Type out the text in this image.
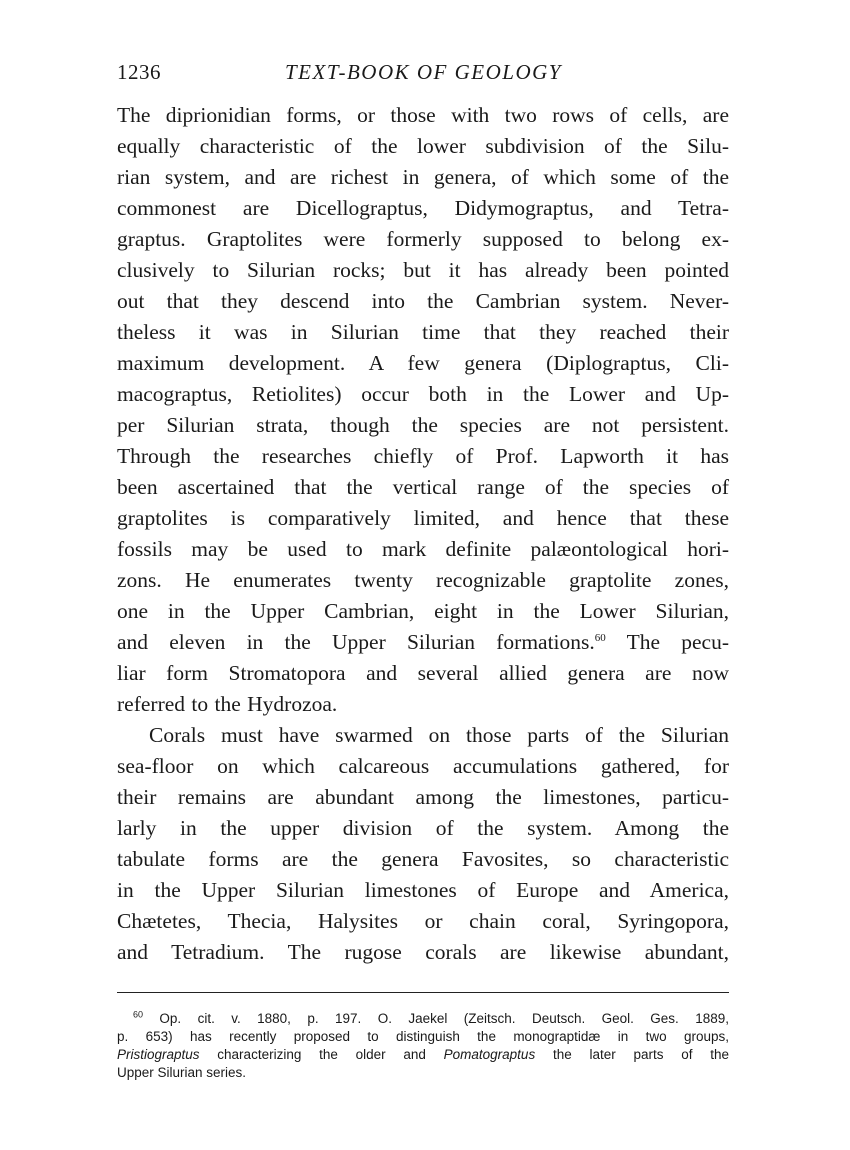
1236	TEXT-BOOK OF GEOLOGY
The diprionidian forms, or those with two rows of cells, are
equally characteristic of the lower subdivision of the Silu-
rian system, and are richest in genera, of which some of the
commonest are Dicellograptus, Didymograptus, and Tetra-
graptus. Graptolites were formerly supposed to belong ex-
clusively to Silurian rocks; but it has already been pointed
out that they descend into the Cambrian system. Never-
theless it was in Silurian time that they reached their
maximum development. A few genera (Diplograptus, Cli-
macograptus, Retiolites) occur both in the Lower and Up-
per Silurian strata, though the species are not persistent.
Through the researches chiefly of Prof. Lapworth it has
been ascertained that the vertical range of the species of
graptolites is comparatively limited, and hence that these
fossils may be used to mark definite palæontological hori-
zons. He enumerates twenty recognizable graptolite zones,
one in the Upper Cambrian, eight in the Lower Silurian,
and eleven in the Upper Silurian formations.$^{60}$ The pecu-
liar form Stromatopora and several allied genera are now
referred to the Hydrozoa.
Corals must have swarmed on those parts of the Silurian
sea-floor on which calcareous accumulations gathered, for
their remains are abundant among the limestones, particu-
larly in the upper division of the system. Among the
tabulate forms are the genera Favosites, so characteristic
in the Upper Silurian limestones of Europe and America,
Chætetes, Thecia, Halysites or chain coral, Syringopora,
and Tetradium. The rugose corals are likewise abundant,
$^{60}$ Op. cit. v. 1880, p. 197. O. Jaekel (Zeitsch. Deutsch. Geol. Ges. 1889,
p. 653) has recently proposed to distinguish the monograptidæ in two groups,
Pristiograptus characterizing the older and Pomatograptus the later parts of the
Upper Silurian series.
